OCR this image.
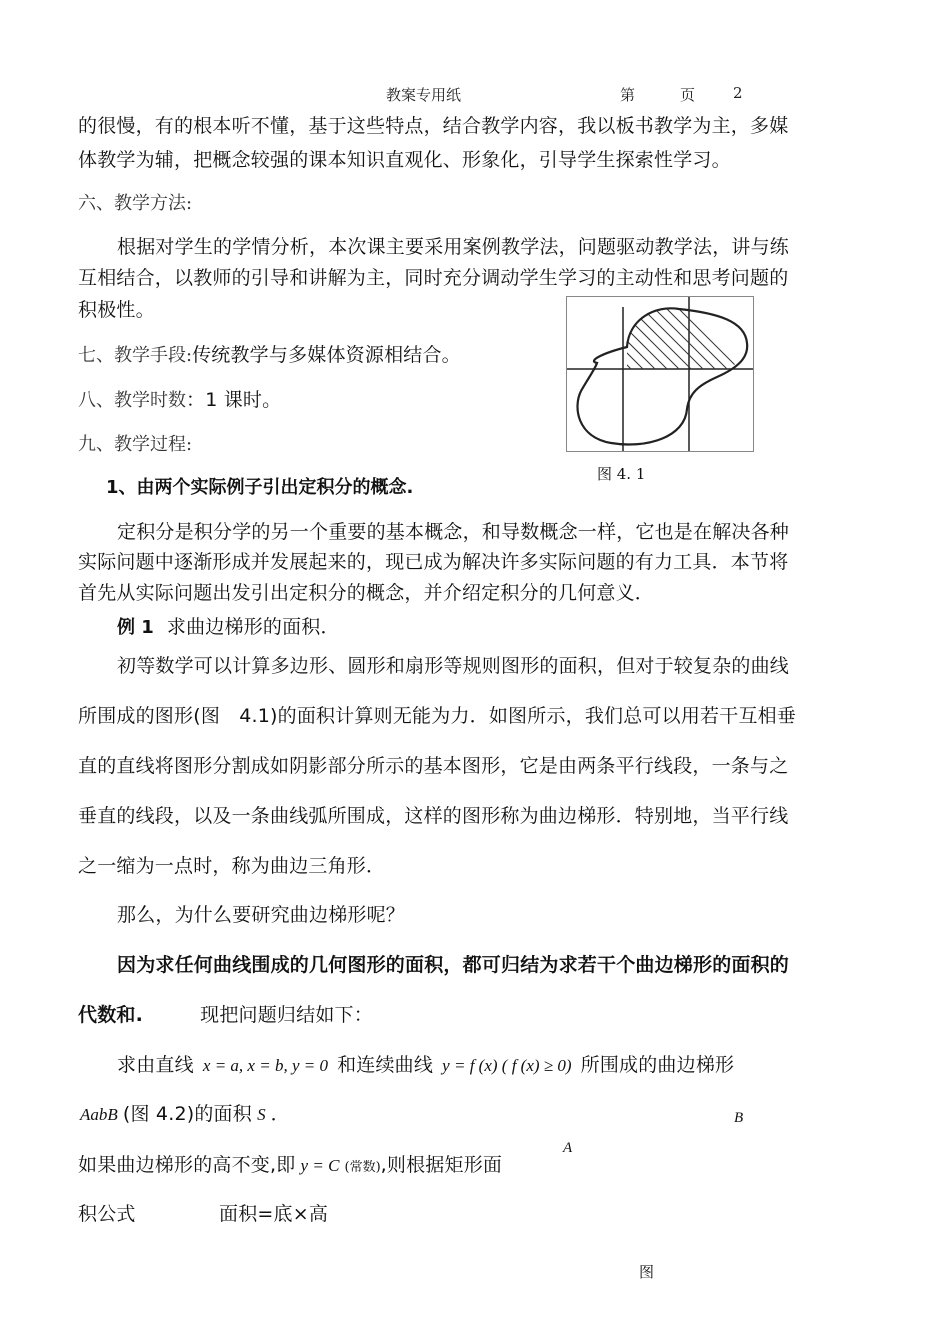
教案专用纸	第	页	2
的很慢，有的根本听不懂，基于这些特点，结合教学内容，我以板书教学为主，多媒
体教学为辅，把概念较强的课本知识直观化、形象化，引导学生探索性学习。
六、教学方法:
根据对学生的学情分析，本次课主要采用案例教学法，问题驱动教学法，讲与练
互相结合，以教师的引导和讲解为主，同时充分调动学生学习的主动性和思考问题的
积极性。
七、教学手段:传统教学与多媒体资源相结合。
八、教学时数：1 课时。
九、教学过程:
图 4. 1
1、由两个实际例子引出定积分的概念.
定积分是积分学的另一个重要的基本概念，和导数概念一样，它也是在解决各种
实际问题中逐渐形成并发展起来的，现已成为解决许多实际问题的有力工具．本节将
首先从实际问题出发引出定积分的概念，并介绍定积分的几何意义．
例 1 求曲边梯形的面积．
初等数学可以计算多边形、圆形和扇形等规则图形的面积，但对于较复杂的曲线
所围成的图形(图　4.1)的面积计算则无能为力．如图所示，我们总可以用若干互相垂
直的直线将图形分割成如阴影部分所示的基本图形，它是由两条平行线段，一条与之
垂直的线段，以及一条曲线弧所围成，这样的图形称为曲边梯形．特别地，当平行线
之一缩为一点时，称为曲边三角形．
那么，为什么要研究曲边梯形呢？
因为求任何曲线围成的几何图形的面积，都可归结为求若干个曲边梯形的面积的
代数和.	现把问题归结如下：
求由直线 x = a, x = b, y = 0 和连续曲线 y = f (x) ( f (x) ≥ 0) 所围成的曲边梯形
AabB (图 4.2)的面积 S ．	B
A
如果曲边梯形的高不变,即 y = C (常数),则根据矩形面
积公式	面积=底×高
图
